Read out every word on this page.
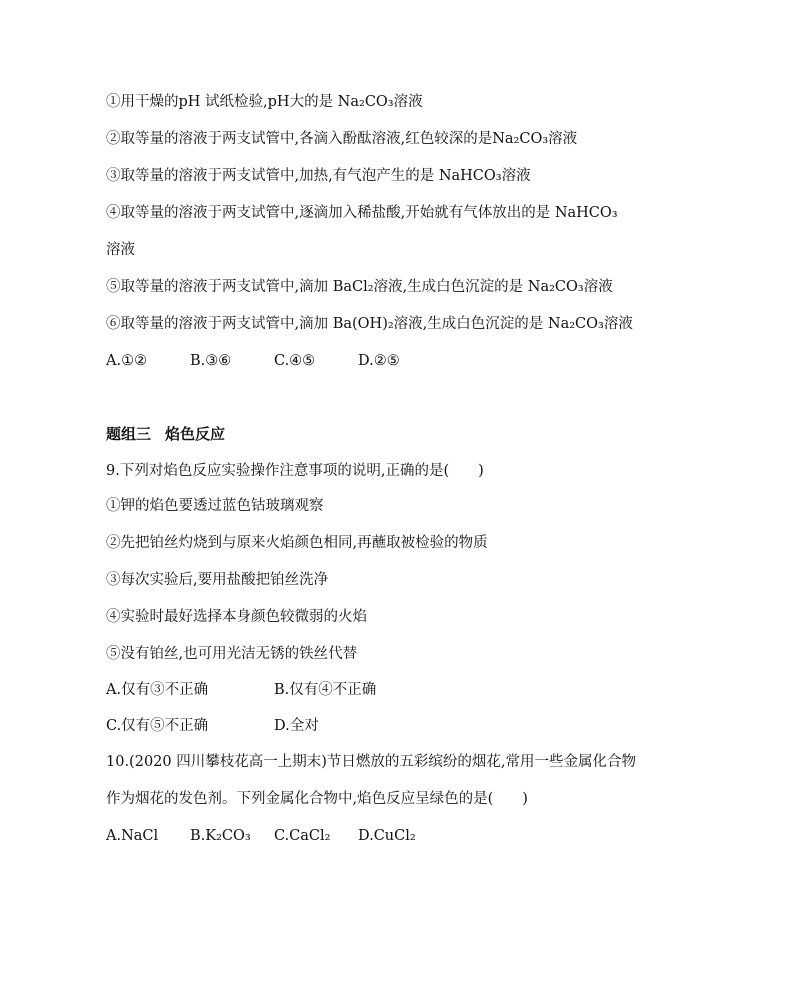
①用干燥的pH 试纸检验,pH大的是 Na₂CO₃溶液
②取等量的溶液于两支试管中,各滴入酚酞溶液,红色较深的是Na₂CO₃溶液
③取等量的溶液于两支试管中,加热,有气泡产生的是 NaHCO₃溶液
④取等量的溶液于两支试管中,逐滴加入稀盐酸,开始就有气体放出的是 NaHCO₃
溶液
⑤取等量的溶液于两支试管中,滴加 BaCl₂溶液,生成白色沉淀的是 Na₂CO₃溶液
⑥取等量的溶液于两支试管中,滴加 Ba(OH)₂溶液,生成白色沉淀的是 Na₂CO₃溶液
A.①②	B.③⑥	C.④⑤	D.②⑤
题组三 焰色反应
9.下列对焰色反应实验操作注意事项的说明,正确的是(　　)
①钾的焰色要透过蓝色钴玻璃观察
②先把铂丝灼烧到与原来火焰颜色相同,再蘸取被检验的物质
③每次实验后,要用盐酸把铂丝洗净
④实验时最好选择本身颜色较微弱的火焰
⑤没有铂丝,也可用光洁无锈的铁丝代替
A.仅有③不正确	B.仅有④不正确
C.仅有⑤不正确	D.全对
10.(2020 四川攀枝花高一上期末)节日燃放的五彩缤纷的烟花,常用一些金属化合物
作为烟花的发色剂。下列金属化合物中,焰色反应呈绿色的是(　　)
A.NaCl B.K₂CO₃ C.CaCl₂ D.CuCl₂
